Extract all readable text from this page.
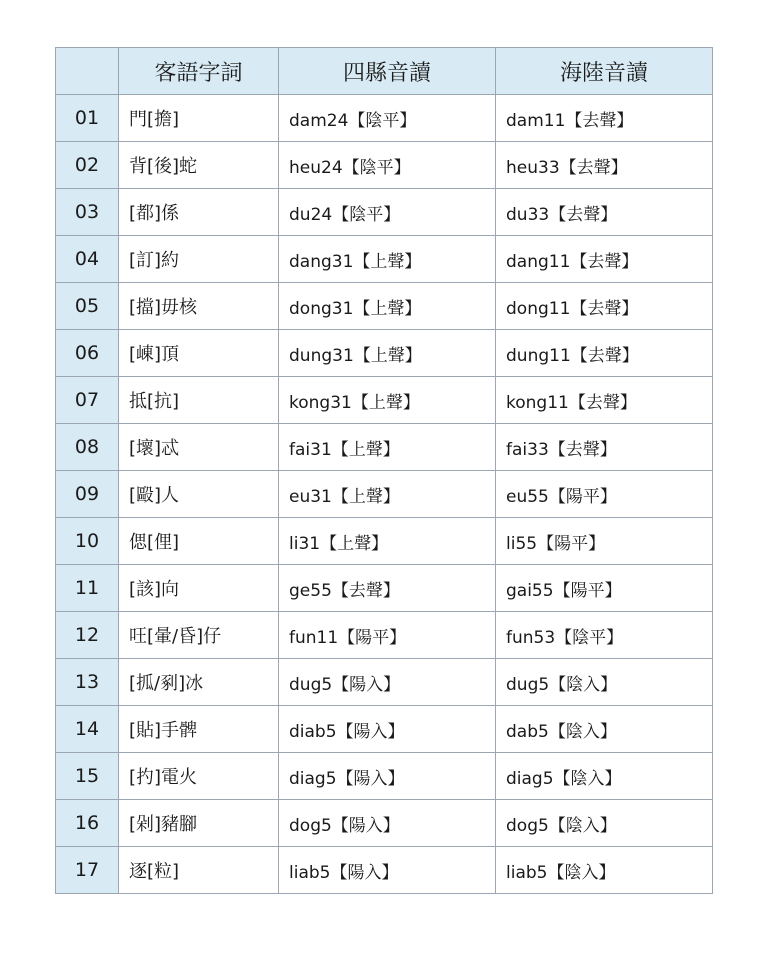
	客語字詞	四縣音讀	海陸音讀
01	門[擔]	dam24【陰平】	dam11【去聲】
02	背[後]蛇	heu24【陰平】	heu33【去聲】
03	[都]係	du24【陰平】	du33【去聲】
04	[訂]約	dang31【上聲】	dang11【去聲】
05	[擋]毋核	dong31【上聲】	dong11【去聲】
06	[崠]頂	dung31【上聲】	dung11【去聲】
07	抵[抗]	kong31【上聲】	kong11【去聲】
08	[壞]忒	fai31【上聲】	fai33【去聲】
09	[毆]人	eu31【上聲】	eu55【陽平】
10	偲[俚]	li31【上聲】	li55【陽平】
11	[該]向	ge55【去聲】	gai55【陽平】
12	㕵[暈/昏]仔	fun11【陽平】	fun53【陰平】
13	[㧓/剢]冰	dug5【陽入】	dug5【陰入】
14	[貼]手髀	diab5【陽入】	dab5【陰入】
15	[扚]電火	diag5【陽入】	diag5【陰入】
16	[剁]豬腳	dog5【陽入】	dog5【陰入】
17	逐[粒]	liab5【陽入】	liab5【陰入】
